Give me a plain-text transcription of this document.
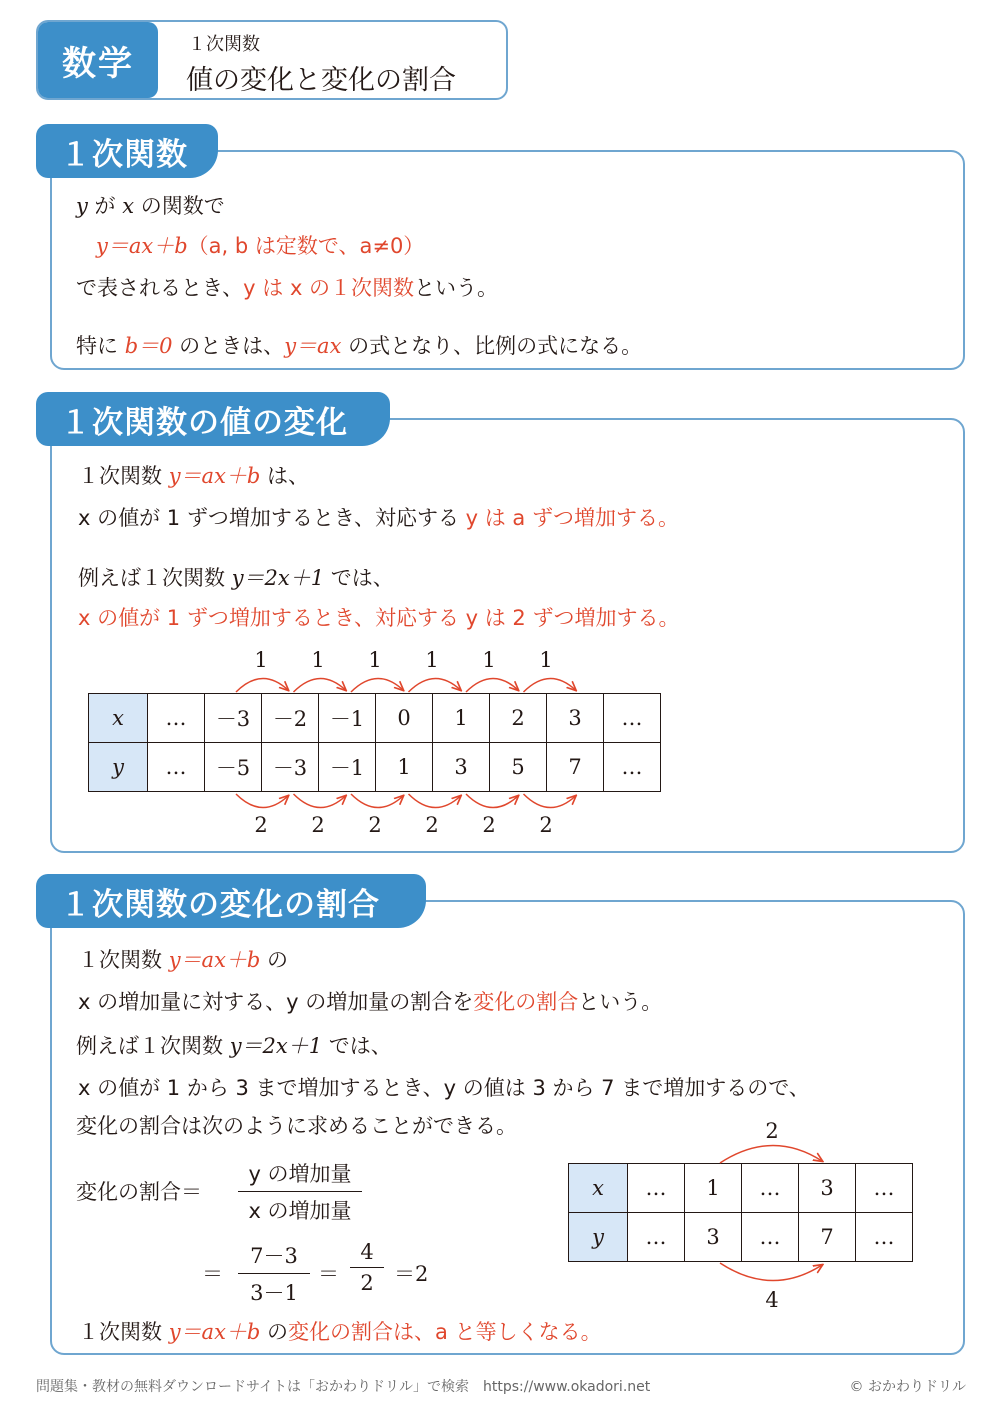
数学	１次関数
値の変化と変化の割合
y が x の関数で
y＝ax＋b（a, b は定数で、a≠0）
で表されるとき、y は x の１次関数という。
特に b＝0 のときは、y＝ax の式となり、比例の式になる。
１次関数
１次関数 y＝ax＋b は、
x の値が 1 ずつ増加するとき、対応する y は a ずつ増加する。
例えば１次関数 y＝2x＋1 では、
x の値が 1 ずつ増加するとき、対応する y は 2 ずつ増加する。
１次関数の値の変化
x	…	－3	－2	－1	0	1	2	3	…
y	…	－5	－3	－1	1	3	5	7	…
1 1 1 1 1 1
2 2 2 2 2 2
１次関数 y＝ax＋b の
x の増加量に対する、y の増加量の割合を変化の割合という。
例えば１次関数 y＝2x＋1 では、
x の値が 1 から 3 まで増加するとき、y の値は 3 から 7 まで増加するので、
変化の割合は次のように求めることができる。
変化の割合＝
y の増加量
x の増加量
＝
7－3
3－1
＝
4
2 ＝2
１次関数 y＝ax＋b の変化の割合は、a と等しくなる。
１次関数の変化の割合
x	…	1	…	3	…
y	…	3	…	7	…
2
4
問題集・教材の無料ダウンロードサイトは「おかわりドリル」で検索　https://www.okadori.net	© おかわりドリル
